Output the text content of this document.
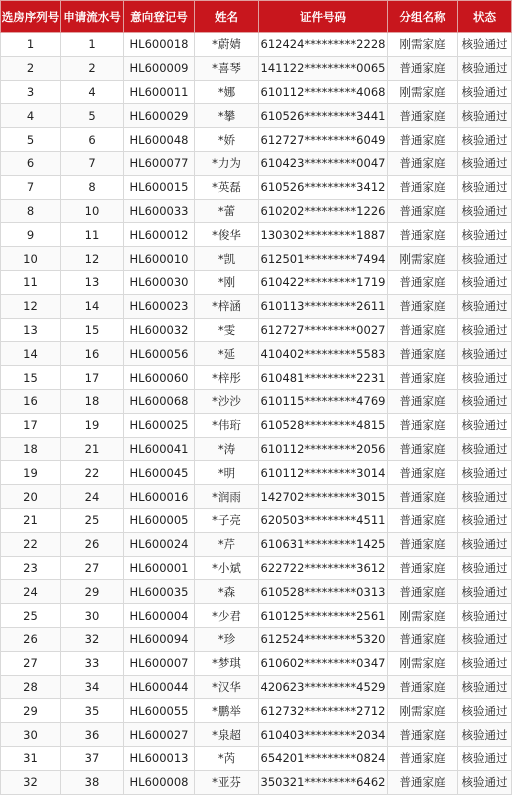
选房序列号	申请流水号	意向登记号	姓名	证件号码	分组名称	状态
1	1	HL600018	*蔚婧	612424*********2228	刚需家庭	核验通过
2	2	HL600009	*喜琴	141122*********0065	普通家庭	核验通过
3	4	HL600011	*娜	610112*********4068	刚需家庭	核验通过
4	5	HL600029	*攀	610526*********3441	普通家庭	核验通过
5	6	HL600048	*娇	612727*********6049	普通家庭	核验通过
6	7	HL600077	*力为	610423*********0047	普通家庭	核验通过
7	8	HL600015	*英磊	610526*********3412	普通家庭	核验通过
8	10	HL600033	*蕾	610202*********1226	普通家庭	核验通过
9	11	HL600012	*俊华	130302*********1887	普通家庭	核验通过
10	12	HL600010	*凯	612501*********7494	刚需家庭	核验通过
11	13	HL600030	*刚	610422*********1719	普通家庭	核验通过
12	14	HL600023	*梓涵	610113*********2611	普通家庭	核验通过
13	15	HL600032	*雯	612727*********0027	普通家庭	核验通过
14	16	HL600056	*延	410402*********5583	普通家庭	核验通过
15	17	HL600060	*梓彤	610481*********2231	普通家庭	核验通过
16	18	HL600068	*沙沙	610115*********4769	普通家庭	核验通过
17	19	HL600025	*伟珩	610528*********4815	普通家庭	核验通过
18	21	HL600041	*涛	610112*********2056	普通家庭	核验通过
19	22	HL600045	*明	610112*********3014	普通家庭	核验通过
20	24	HL600016	*润雨	142702*********3015	普通家庭	核验通过
21	25	HL600005	*子亮	620503*********4511	普通家庭	核验通过
22	26	HL600024	*芹	610631*********1425	普通家庭	核验通过
23	27	HL600001	*小斌	622722*********3612	普通家庭	核验通过
24	29	HL600035	*森	610528*********0313	普通家庭	核验通过
25	30	HL600004	*少君	610125*********2561	刚需家庭	核验通过
26	32	HL600094	*珍	612524*********5320	普通家庭	核验通过
27	33	HL600007	*梦琪	610602*********0347	刚需家庭	核验通过
28	34	HL600044	*汉华	420623*********4529	普通家庭	核验通过
29	35	HL600055	*鹏举	612732*********2712	刚需家庭	核验通过
30	36	HL600027	*泉超	610403*********2034	普通家庭	核验通过
31	37	HL600013	*芮	654201*********0824	普通家庭	核验通过
32	38	HL600008	*亚芬	350321*********6462	普通家庭	核验通过
